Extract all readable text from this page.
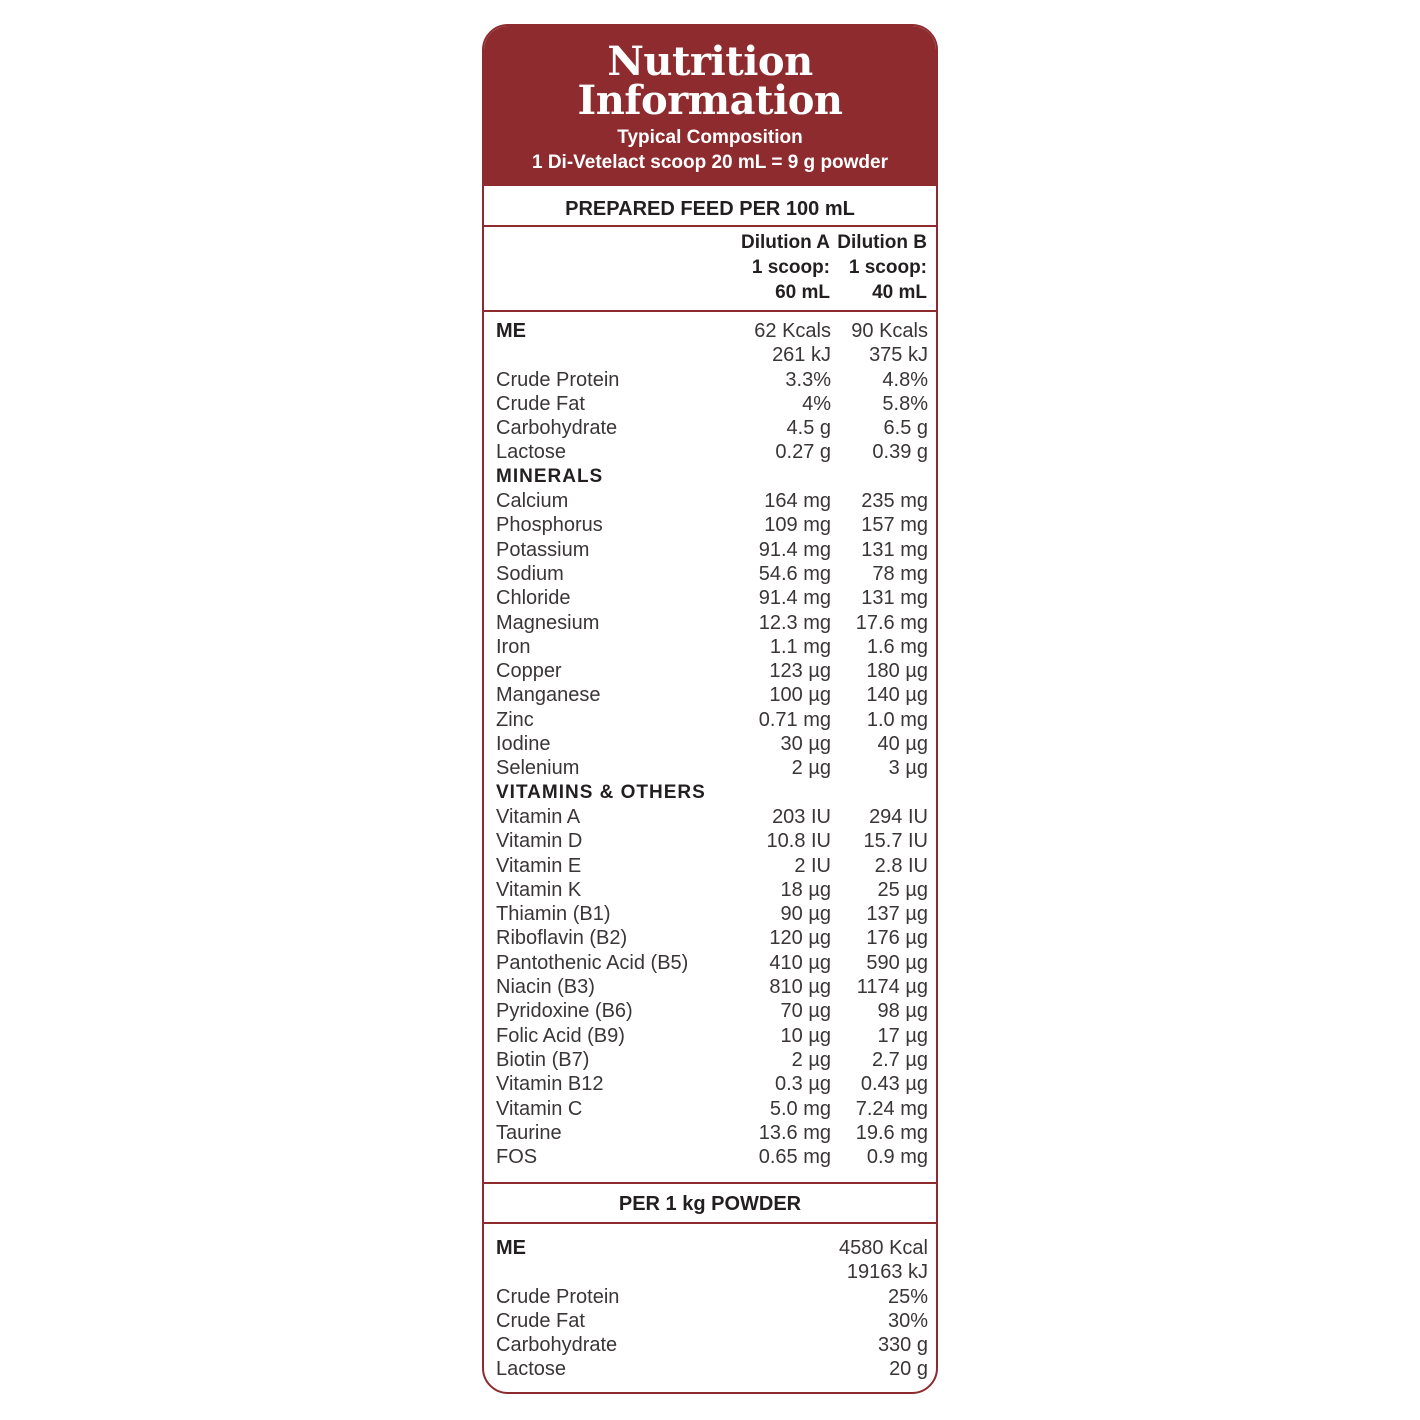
Nutrition
Information
Typical Composition
1 Di-Vetelact scoop 20 mL = 9 g powder
PREPARED FEED PER 100 mL
Dilution A
1 scoop:
60 mL
Dilution B
1 scoop:
40 mL
ME	62 Kcals 90 Kcals
261 kJ 375 kJ
Crude Protein	3.3%	4.8%
Crude Fat	4%	5.8%
Carbohydrate	4.5 g	6.5 g
Lactose	0.27 g 0.39 g
MINERALS
Calcium	164 mg 235 mg
Phosphorus	109 mg 157 mg
Potassium	91.4 mg 131 mg
Sodium	54.6 mg 78 mg
Chloride	91.4 mg 131 mg
Magnesium	12.3 mg 17.6 mg
Iron	1.1 mg 1.6 mg
Copper	123 µg 180 µg
Manganese	100 µg 140 µg
Zinc	0.71 mg 1.0 mg
Iodine	30 µg 40 µg
Selenium	2 µg	3 µg
VITAMINS & OTHERS
Vitamin A	203 IU 294 IU
Vitamin D	10.8 IU 15.7 IU
Vitamin E	2 IU 2.8 IU
Vitamin K	18 µg 25 µg
Thiamin (B1)	90 µg 137 µg
Riboflavin (B2)	120 µg 176 µg
Pantothenic Acid (B5)	410 µg 590 µg
Niacin (B3)	810 µg 1174 µg
Pyridoxine (B6)	70 µg 98 µg
Folic Acid (B9)	10 µg 17 µg
Biotin (B7)	2 µg 2.7 µg
Vitamin B12	0.3 µg 0.43 µg
Vitamin C	5.0 mg 7.24 mg
Taurine	13.6 mg 19.6 mg
FOS	0.65 mg 0.9 mg
PER 1 kg POWDER
ME	4580 Kcal
19163 kJ
Crude Protein	25%
Crude Fat	30%
Carbohydrate	330 g
Lactose	20 g
